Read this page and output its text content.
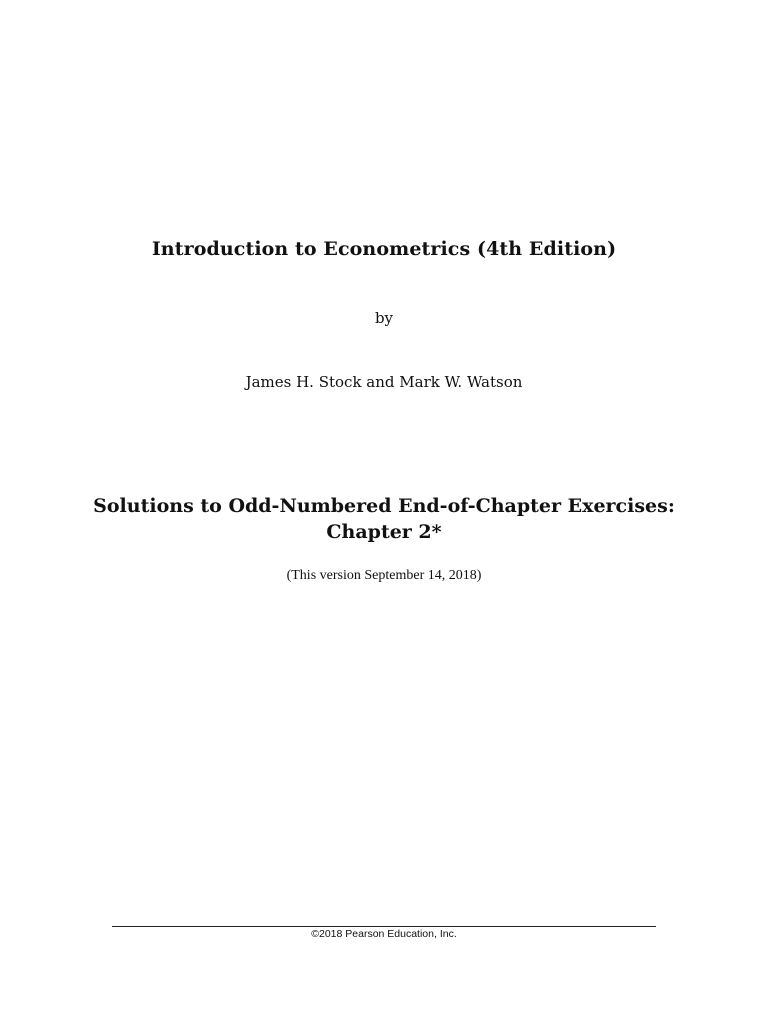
Introduction to Econometrics (4th Edition)
by
James H. Stock and Mark W. Watson
Solutions to Odd-Numbered End-of-Chapter Exercises:
Chapter 2*
(This version September 14, 2018)
©2018 Pearson Education, Inc.
